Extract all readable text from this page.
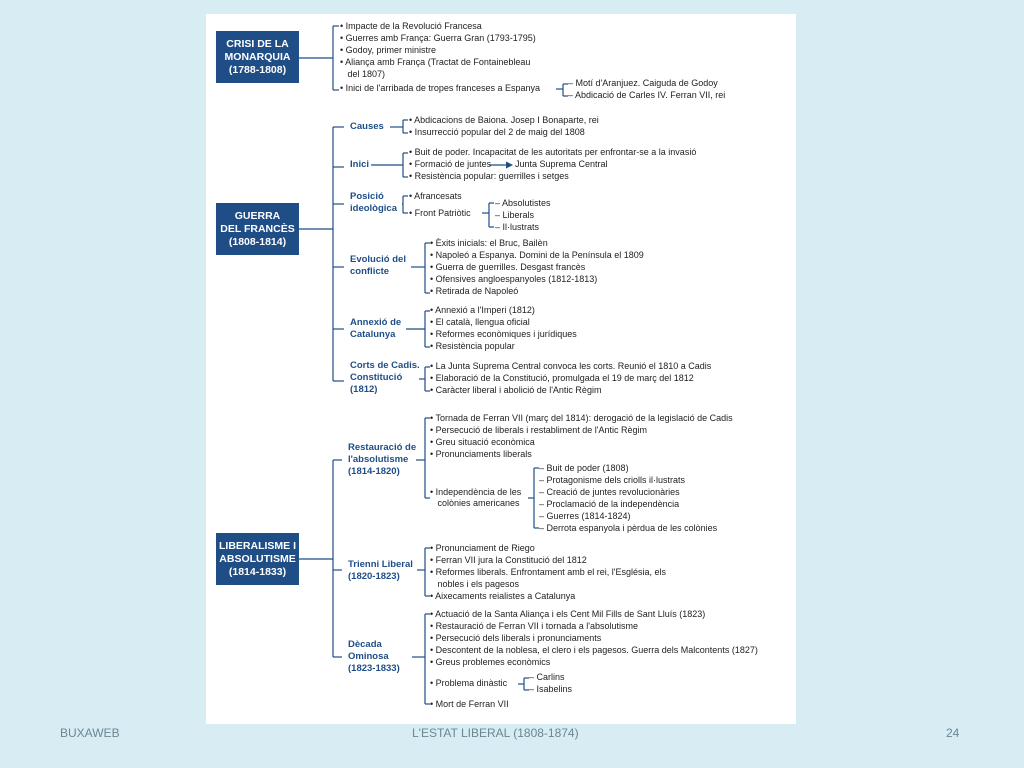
CRISI DE LA
MONARQUIA
(1788-1808)
GUERRA
DEL FRANCÈS
(1808-1814)
LIBERALISME I
ABSOLUTISME
(1814-1833)
• Impacte de la Revolució Francesa
• Guerres amb França: Guerra Gran (1793-1795)
• Godoy, primer ministre
• Aliança amb França (Tractat de Fontainebleau
del 1807)
• Inici de l'arribada de tropes franceses a Espanya	– Motí d'Aranjuez. Caiguda de Godoy
– Abdicació de Carles IV. Ferran VII, rei
Causes
Inici
Posició
ideològica
Evolució del
conflicte
Annexió de
Catalunya
Corts de Cadis.
Constitució
(1812)
• Abdicacions de Baiona. Josep I Bonaparte, rei
• Insurrecció popular del 2 de maig del 1808
• Buit de poder. Incapacitat de les autoritats per enfrontar-se a la invasió
• Formació de juntes	Junta Suprema Central
• Resistència popular: guerrilles i setges
• Afrancesats
• Front Patriòtic
– Absolutistes
– Liberals
– Il·lustrats
• Èxits inicials: el Bruc, Bailèn
• Napoleó a Espanya. Domini de la Península el 1809
• Guerra de guerrilles. Desgast francès
• Ofensives angloespanyoles (1812-1813)
• Retirada de Napoleó
• Annexió a l'Imperi (1812)
• El català, llengua oficial
• Reformes econòmiques i jurídiques
• Resistència popular
• La Junta Suprema Central convoca les corts. Reunió el 1810 a Cadis
• Elaboració de la Constitució, promulgada el 19 de març del 1812
• Caràcter liberal i abolició de l'Antic Règim
Restauració de
l'absolutisme
(1814-1820)
Trienni Liberal
(1820-1823)
Dècada
Ominosa
(1823-1833)
• Tornada de Ferran VII (març del 1814): derogació de la legislació de Cadis
• Persecució de liberals i restabliment de l'Antic Règim
• Greu situació econòmica
• Pronunciaments liberals
• Independència de les
colònies americanes
– Buit de poder (1808)
– Protagonisme dels criolls il·lustrats
– Creació de juntes revolucionàries
– Proclamació de la independència
– Guerres (1814-1824)
– Derrota espanyola i pèrdua de les colònies
• Pronunciament de Riego
• Ferran VII jura la Constitució del 1812
• Reformes liberals. Enfrontament amb el rei, l'Església, els
nobles i els pagesos
• Aixecaments reialistes a Catalunya
• Actuació de la Santa Aliança i els Cent Mil Fills de Sant Lluís (1823)
• Restauració de Ferran VII i tornada a l'absolutisme
• Persecució dels liberals i pronunciaments
• Descontent de la noblesa, el clero i els pagesos. Guerra dels Malcontents (1827)
• Greus problemes econòmics
• Problema dinàstic
– Carlins
– Isabelins
• Mort de Ferran VII
BUXAWEB	L'ESTAT LIBERAL (1808-1874)	24
